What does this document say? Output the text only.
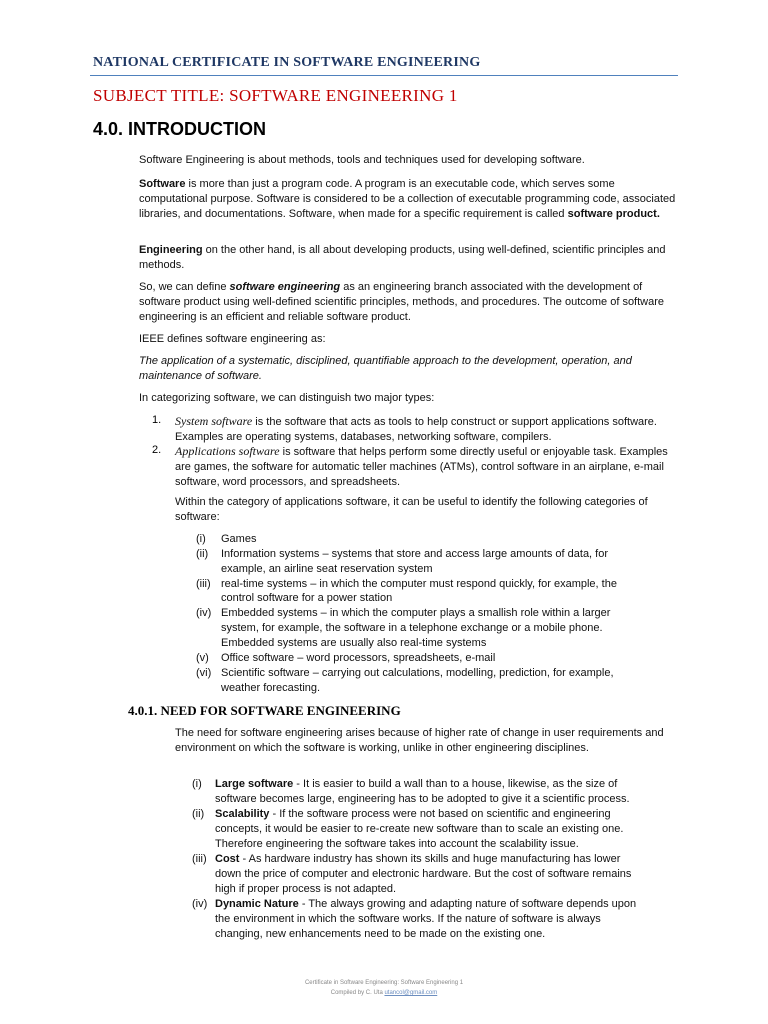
NATIONAL CERTIFICATE IN SOFTWARE ENGINEERING
SUBJECT TITLE: SOFTWARE ENGINEERING 1
4.0. INTRODUCTION
Software Engineering is about methods, tools and techniques used for developing software.
Software is more than just a program code. A program is an executable code, which serves some computational purpose. Software is considered to be a collection of executable programming code, associated libraries, and documentations. Software, when made for a specific requirement is called software product.
Engineering on the other hand, is all about developing products, using well-defined, scientific principles and methods.
So, we can define software engineering as an engineering branch associated with the development of software product using well-defined scientific principles, methods, and procedures. The outcome of software engineering is an efficient and reliable software product.
IEEE defines software engineering as:
The application of a systematic, disciplined, quantifiable approach to the development, operation, and maintenance of software.
In categorizing software, we can distinguish two major types:
1. System software is the software that acts as tools to help construct or support applications software. Examples are operating systems, databases, networking software, compilers.
2. Applications software is software that helps perform some directly useful or enjoyable task. Examples are games, the software for automatic teller machines (ATMs), control software in an airplane, e-mail software, word processors, and spreadsheets.
Within the category of applications software, it can be useful to identify the following categories of software:
(i) Games
(ii) Information systems – systems that store and access large amounts of data, for
example, an airline seat reservation system
(iii) real-time systems – in which the computer must respond quickly, for example, the
control software for a power station
(iv) Embedded systems – in which the computer plays a smallish role within a larger
system, for example, the software in a telephone exchange or a mobile phone.
Embedded systems are usually also real-time systems
(v) Office software – word processors, spreadsheets, e-mail
(vi) Scientific software – carrying out calculations, modelling, prediction, for example,
weather forecasting.
4.0.1. NEED FOR SOFTWARE ENGINEERING
The need for software engineering arises because of higher rate of change in user requirements and environment on which the software is working, unlike in other engineering disciplines.
(i) Large software - It is easier to build a wall than to a house, likewise, as the size of
software becomes large, engineering has to be adopted to give it a scientific process.
(ii) Scalability - If the software process were not based on scientific and engineering
concepts, it would be easier to re-create new software than to scale an existing one.
Therefore engineering the software takes into account the scalability issue.
(iii) Cost - As hardware industry has shown its skills and huge manufacturing has lower
down the price of computer and electronic hardware. But the cost of software remains
high if proper process is not adapted.
(iv) Dynamic Nature - The always growing and adapting nature of software depends upon
the environment in which the software works. If the nature of software is always
changing, new enhancements need to be made on the existing one.
Certificate in Software Engineering: Software Engineering 1
Compiled by C. Uta utancol@gmail.com
